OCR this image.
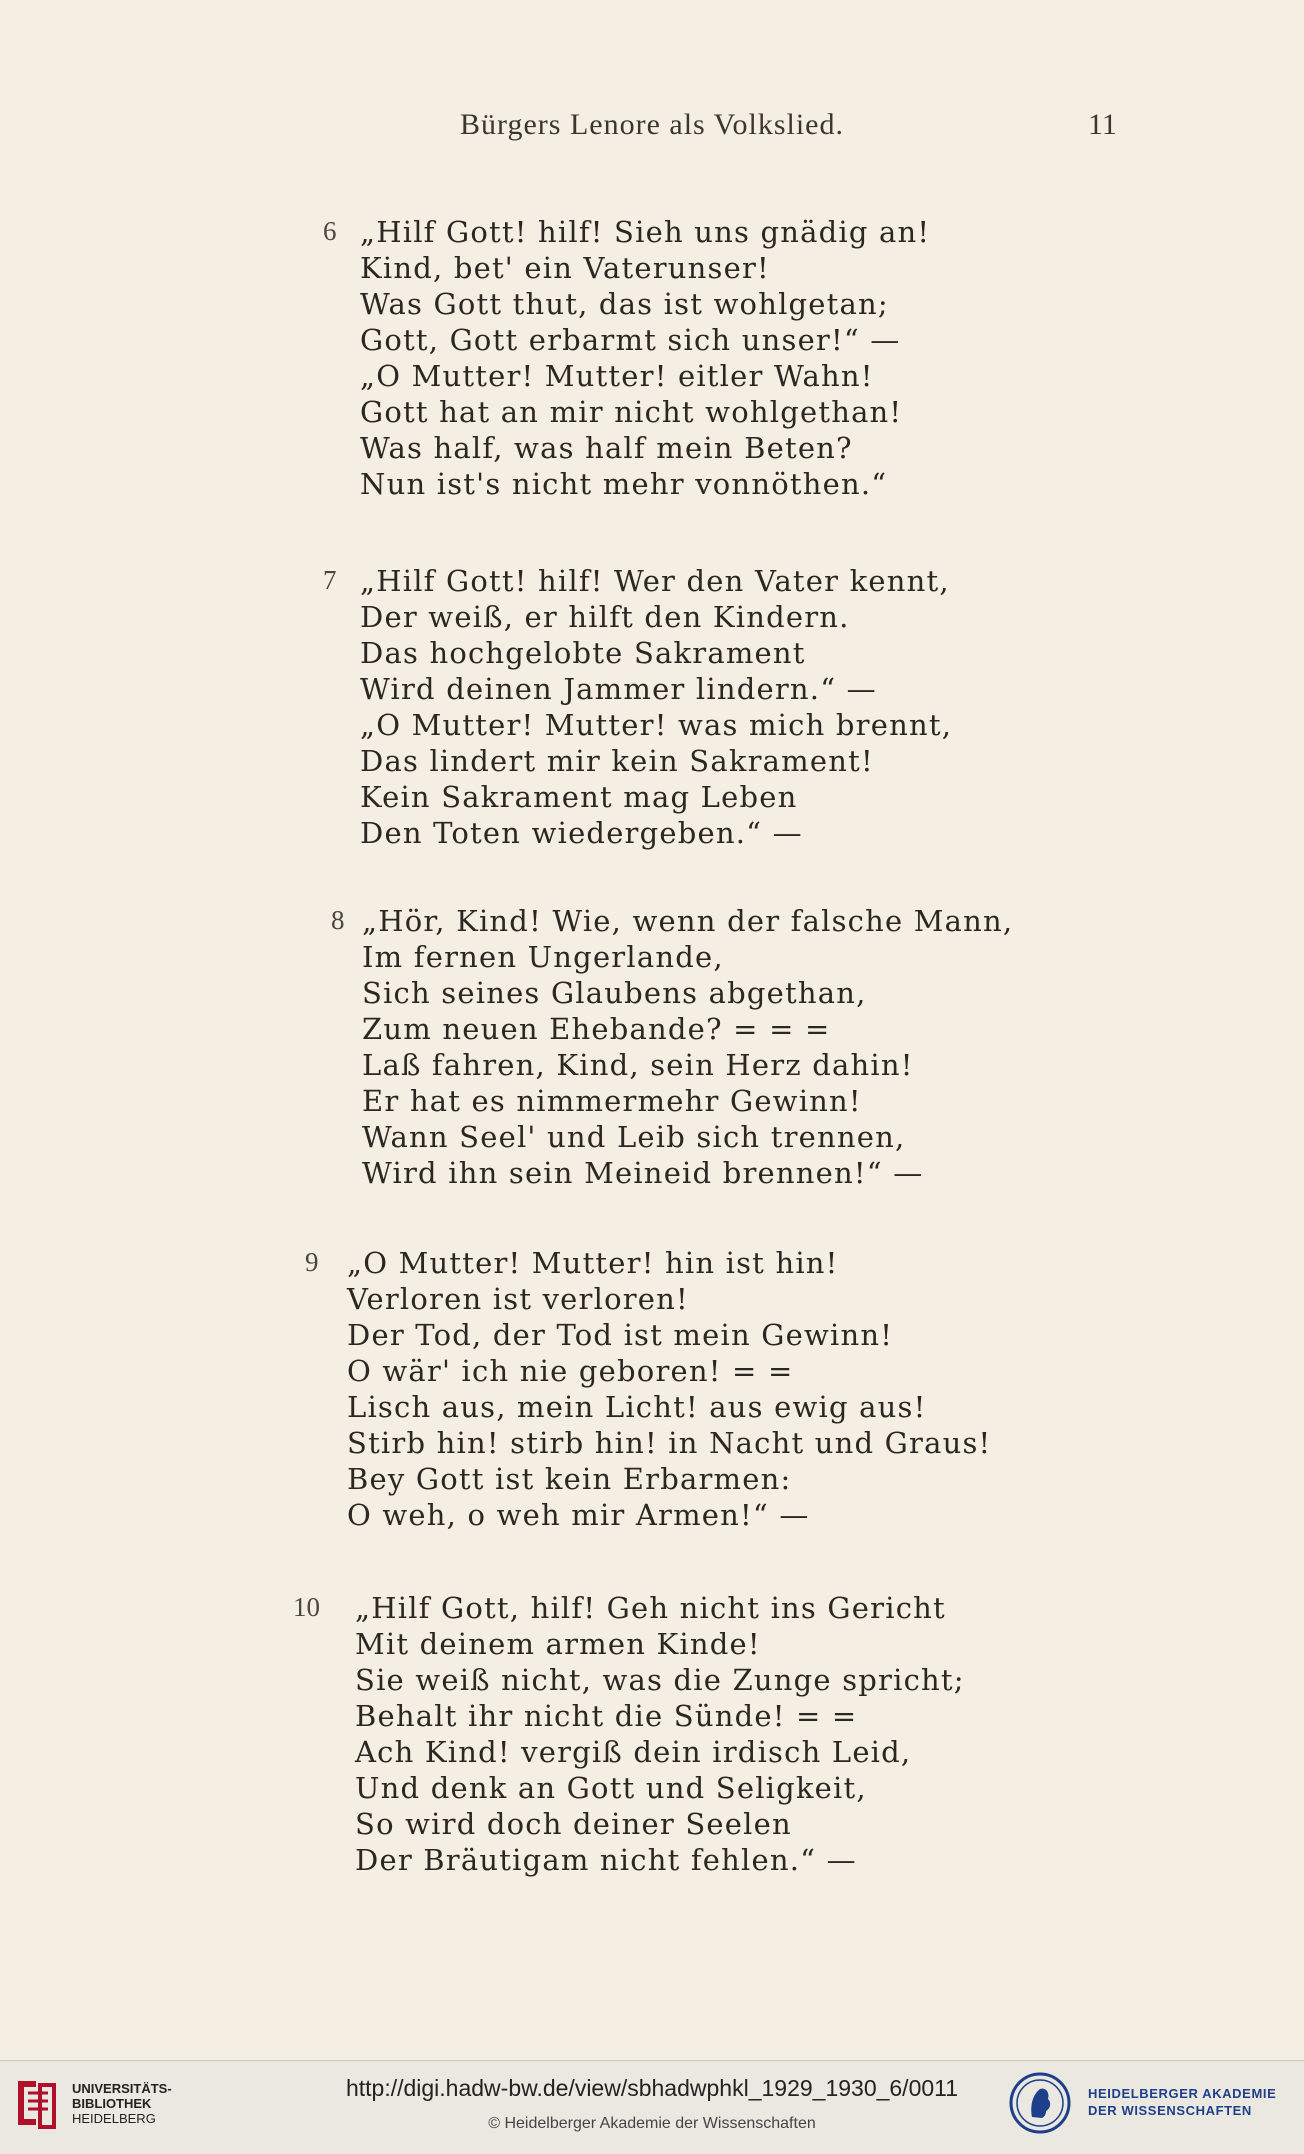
Bürgers Lenore als Volkslied.	11
6 „Hilf Gott! hilf! Sieh uns gnädig an!
Kind, bet' ein Vaterunser!
Was Gott thut, das ist wohlgetan;
Gott, Gott erbarmt sich unser!“ —
„O Mutter! Mutter! eitler Wahn!
Gott hat an mir nicht wohlgethan!
Was half, was half mein Beten?
Nun ist's nicht mehr vonnöthen.“
7 „Hilf Gott! hilf! Wer den Vater kennt,
Der weiß, er hilft den Kindern.
Das hochgelobte Sakrament
Wird deinen Jammer lindern.“ —
„O Mutter! Mutter! was mich brennt,
Das lindert mir kein Sakrament!
Kein Sakrament mag Leben
Den Toten wiedergeben.“ —
8 „Hör, Kind! Wie, wenn der falsche Mann,
Im fernen Ungerlande,
Sich seines Glaubens abgethan,
Zum neuen Ehebande? = = =
Laß fahren, Kind, sein Herz dahin!
Er hat es nimmermehr Gewinn!
Wann Seel' und Leib sich trennen,
Wird ihn sein Meineid brennen!“ —
9 „O Mutter! Mutter! hin ist hin!
Verloren ist verloren!
Der Tod, der Tod ist mein Gewinn!
O wär' ich nie geboren! = =
Lisch aus, mein Licht! aus ewig aus!
Stirb hin! stirb hin! in Nacht und Graus!
Bey Gott ist kein Erbarmen:
O weh, o weh mir Armen!“ —
10 „Hilf Gott, hilf! Geh nicht ins Gericht
Mit deinem armen Kinde!
Sie weiß nicht, was die Zunge spricht;
Behalt ihr nicht die Sünde! = =
Ach Kind! vergiß dein irdisch Leid,
Und denk an Gott und Seligkeit,
So wird doch deiner Seelen
Der Bräutigam nicht fehlen.“ —
UNIVERSITÄTS-
BIBLIOTHEK
HEIDELBERG
http://digi.hadw-bw.de/view/sbhadwphkl_1929_1930_6/0011
© Heidelberger Akademie der Wissenschaften
HEIDELBERGER AKADEMIE
DER WISSENSCHAFTEN
